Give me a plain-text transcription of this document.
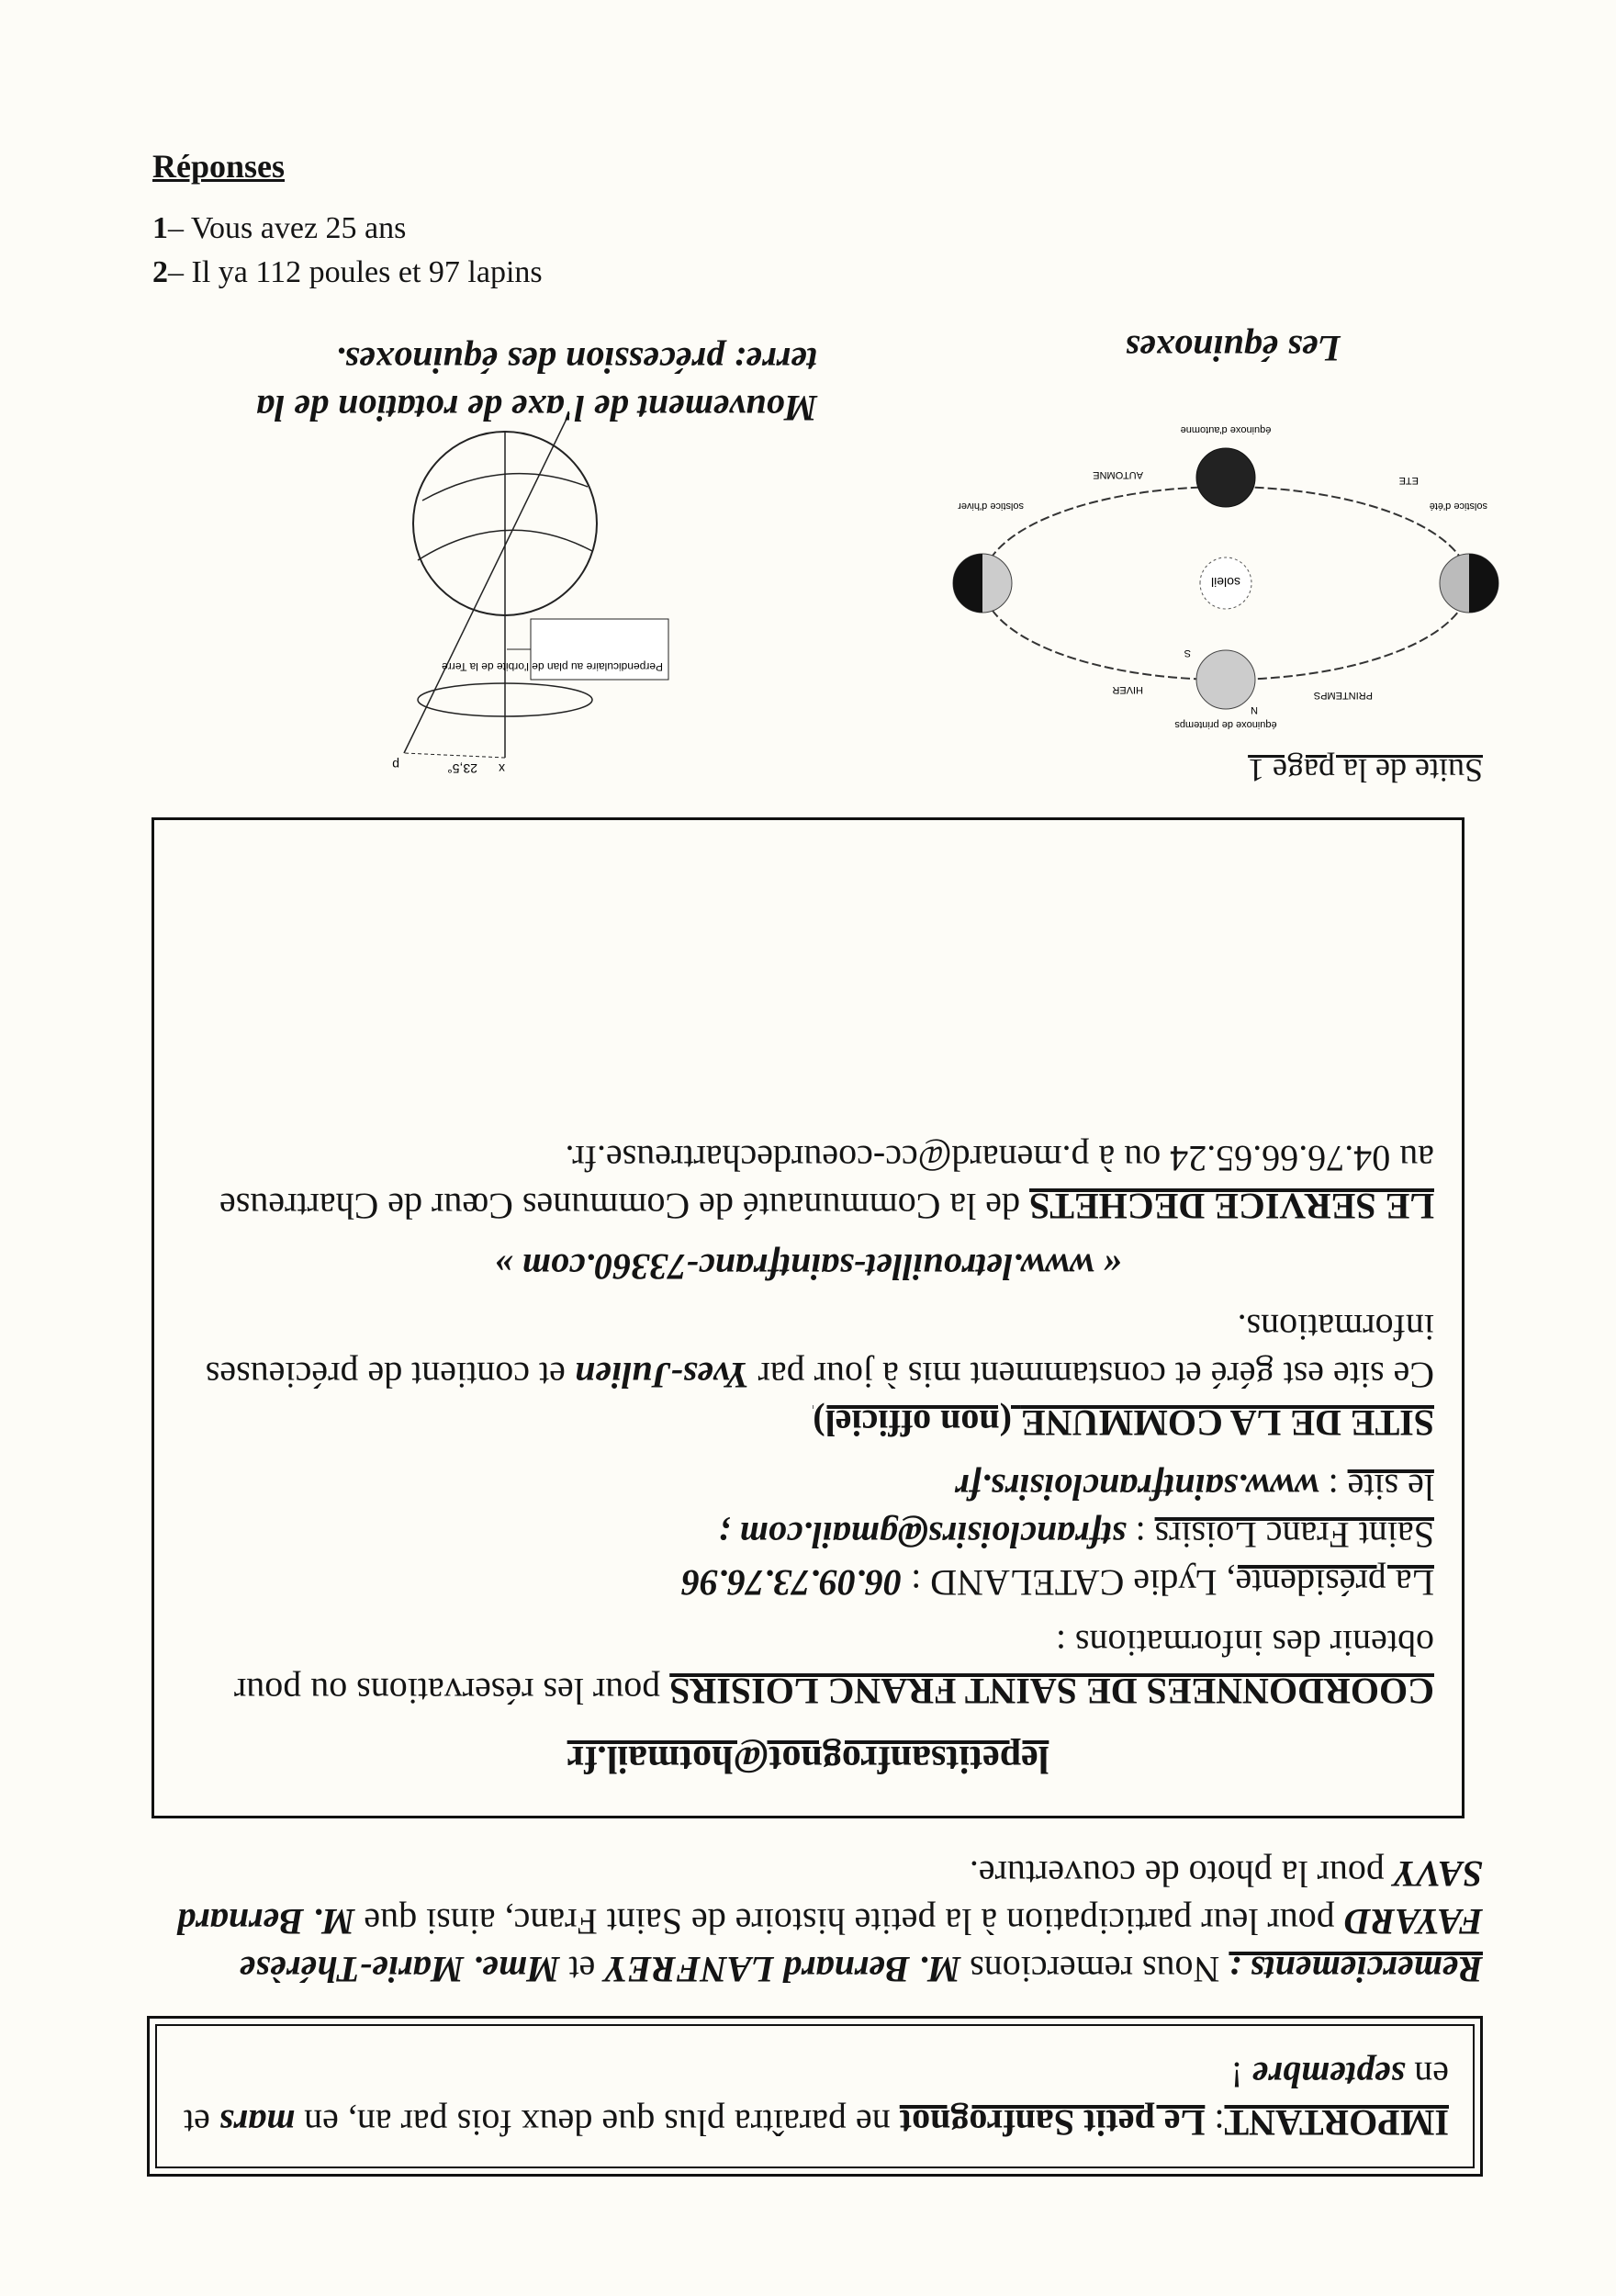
Réponses
1– Vous avez 25 ans
2– Il ya 112 poules et 97 lapins
IMPORTANT: Le petit Sanfrognot ne paraîtra plus que deux fois par an, en mars et en septembre !
Remerciements : Nous remercions M. Bernard LANFREY et Mme. Marie-Thérèse FAYARD pour leur participation à la petite histoire de Saint Franc, ainsi que M. Bernard SAVY pour la photo de couverture.
lepetitsanfrognot@hotmail.fr
COORDONNEES DE SAINT FRANC LOISIRS pour les réservations ou pour obtenir des informations :
La présidente, Lydie CATELAND : 06.09.73.76.96
Saint Franc Loisirs : stfrancloisirs@gmail.com ;
le site : www.saintfrancloisirs.fr
SITE DE LA COMMUNE (non officiel)
Ce site est géré et constamment mis à jour par Yves-Julien et contient de précieuses informations.
« www.letrouillet-saintfranc-73360.com »
LE SERVICE DECHETS de la Communauté de Communes Cœur de Chartreuse au 04.76.66.65.24 ou à p.menard@cc-coeurdechartreuse.fr.
Suite de la page 1
soleil
équinoxe de printemps
équinoxe d'automne
solstice d'été
solstice d'hiver
PRINTEMPS
HIVER
AUTOMNE	ETE
N
S
Les équinoxes
x
p	23,5°
Perpendiculaire au plan de l'orbite de la Terre
Mouvement de l'axe de rotation de la terre: précession des équinoxes.
